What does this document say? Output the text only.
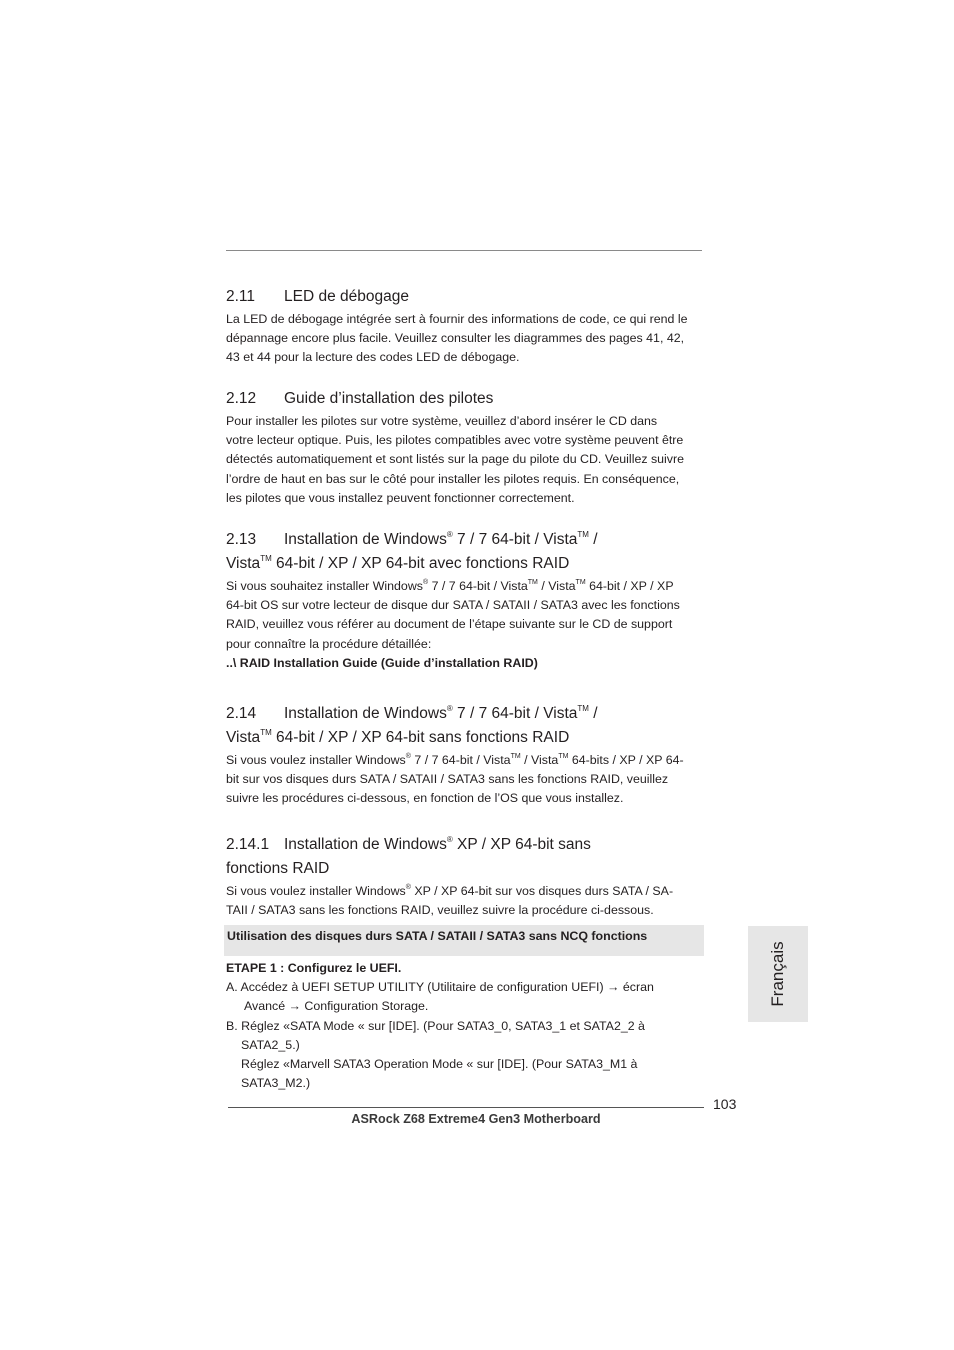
2.11 LED de débogage
La LED de débogage intégrée sert à fournir des informations de code, ce qui rend le
dépannage encore plus facile. Veuillez consulter les diagrammes des pages 41, 42,
43 et 44 pour la lecture des codes LED de débogage.
2.12 Guide d’installation des pilotes
Pour installer les pilotes sur votre système, veuillez d’abord insérer le CD dans
votre lecteur optique. Puis, les pilotes compatibles avec votre système peuvent être
détectés automatiquement et sont listés sur la page du pilote du CD. Veuillez suivre
l’ordre de haut en bas sur le côté pour installer les pilotes requis. En conséquence,
les pilotes que vous installez peuvent fonctionner correctement.
2.13 Installation de Windows® 7 / 7 64-bit / Vista™ /
Vista™ 64-bit / XP / XP 64-bit avec fonctions RAID
Si vous souhaitez installer Windows® 7 / 7 64-bit / Vista™ / Vista™ 64-bit / XP / XP
64-bit OS sur votre lecteur de disque dur SATA / SATAII / SATA3 avec les fonctions
RAID, veuillez vous référer au document de l’étape suivante sur le CD de support
pour connaître la procédure détaillée:
..\ RAID Installation Guide (Guide d’installation RAID)
2.14 Installation de Windows® 7 / 7 64-bit / Vista™ /
Vista™ 64-bit / XP / XP 64-bit sans fonctions RAID
Si vous voulez installer Windows® 7 / 7 64-bit / Vista™ / Vista™ 64-bits / XP / XP 64-
bit sur vos disques durs SATA / SATAII / SATA3 sans les fonctions RAID, veuillez
suivre les procédures ci-dessous, en fonction de l’OS que vous installez.
2.14.1 Installation de Windows® XP / XP 64-bit sans
fonctions RAID
Si vous voulez installer Windows® XP / XP 64-bit sur vos disques durs SATA / SA-
TAII / SATA3 sans les fonctions RAID, veuillez suivre la procédure ci-dessous.
Utilisation des disques durs SATA / SATAII / SATA3 sans NCQ fonctions
ETAPE 1 : Configurez le UEFI.
A. Accédez à UEFI SETUP UTILITY (Utilitaire de configuration UEFI) → écran
Avancé → Configuration Storage.
B. Réglez «SATA Mode « sur [IDE]. (Pour SATA3_0, SATA3_1 et SATA2_2 à
SATA2_5.)
Réglez «Marvell SATA3 Operation Mode « sur [IDE]. (Pour SATA3_M1 à
SATA3_M2.)
Français
103
ASRock Z68 Extreme4 Gen3 Motherboard
